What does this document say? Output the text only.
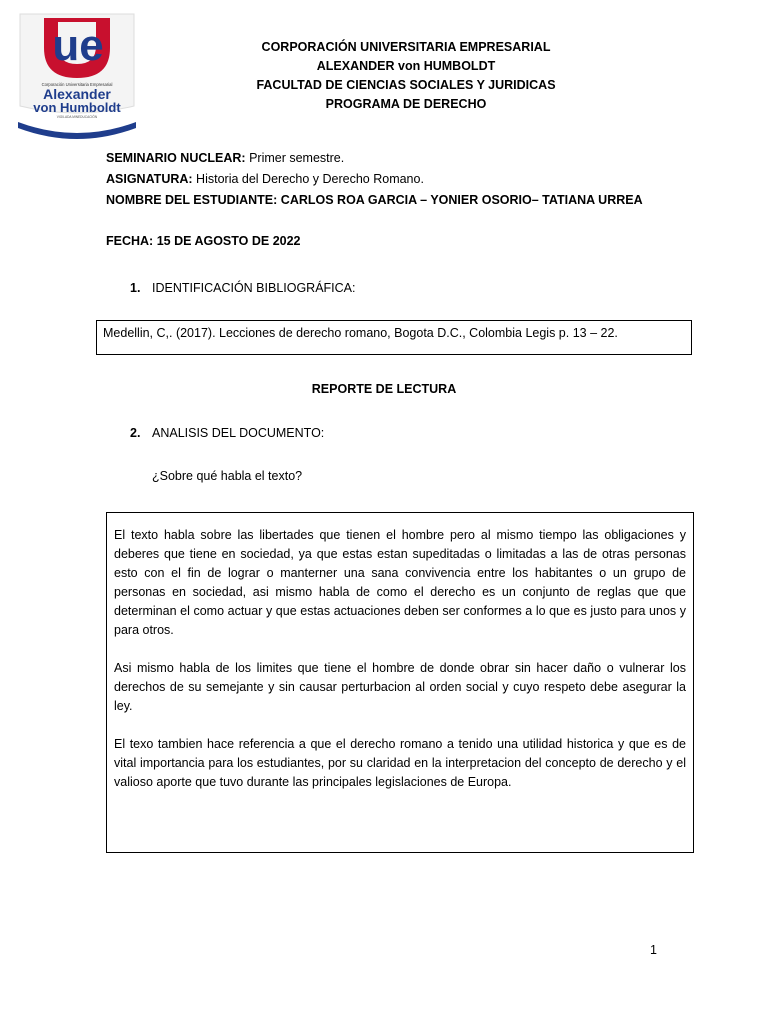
ue
Corporación Universitaria Empresarial
Alexander
von Humboldt
VIGILADA MINEDUCACIÓN
CORPORACIÓN UNIVERSITARIA EMPRESARIAL
ALEXANDER von HUMBOLDT
FACULTAD DE CIENCIAS SOCIALES Y JURIDICAS
PROGRAMA DE DERECHO
SEMINARIO NUCLEAR: Primer semestre.
ASIGNATURA: Historia del Derecho y Derecho Romano.
NOMBRE DEL ESTUDIANTE: CARLOS ROA GARCIA – YONIER OSORIO– TATIANA URREA
FECHA: 15 DE AGOSTO DE 2022
1. IDENTIFICACIÓN BIBLIOGRÁFICA:
Medellin, C,. (2017). Lecciones de derecho romano, Bogota D.C., Colombia Legis p. 13 – 22.
REPORTE DE LECTURA
2. ANALISIS DEL DOCUMENTO:
¿Sobre qué habla el texto?

El texto habla sobre las libertades que tienen el hombre pero al mismo tiempo las obligaciones y deberes que tiene en sociedad, ya que estas estan supeditadas o limitadas a las de otras personas esto con el fin de lograr o manterner una sana convivencia entre los habitantes o un grupo de personas en sociedad, asi mismo habla de como el derecho es un conjunto de reglas que que determinan el como actuar y que estas actuaciones deben ser conformes a lo que es justo para unos y para otros.

Asi mismo habla de los limites que tiene el hombre de donde obrar sin hacer daño o vulnerar los derechos de su semejante y sin causar perturbacion al orden social y cuyo respeto debe asegurar la ley.

El texo tambien hace referencia a que el derecho romano a tenido una utilidad historica y que es de vital importancia para los estudiantes, por su claridad en la interpretacion del concepto de derecho y el valioso aporte que tuvo durante las principales legislaciones de Europa.

1
